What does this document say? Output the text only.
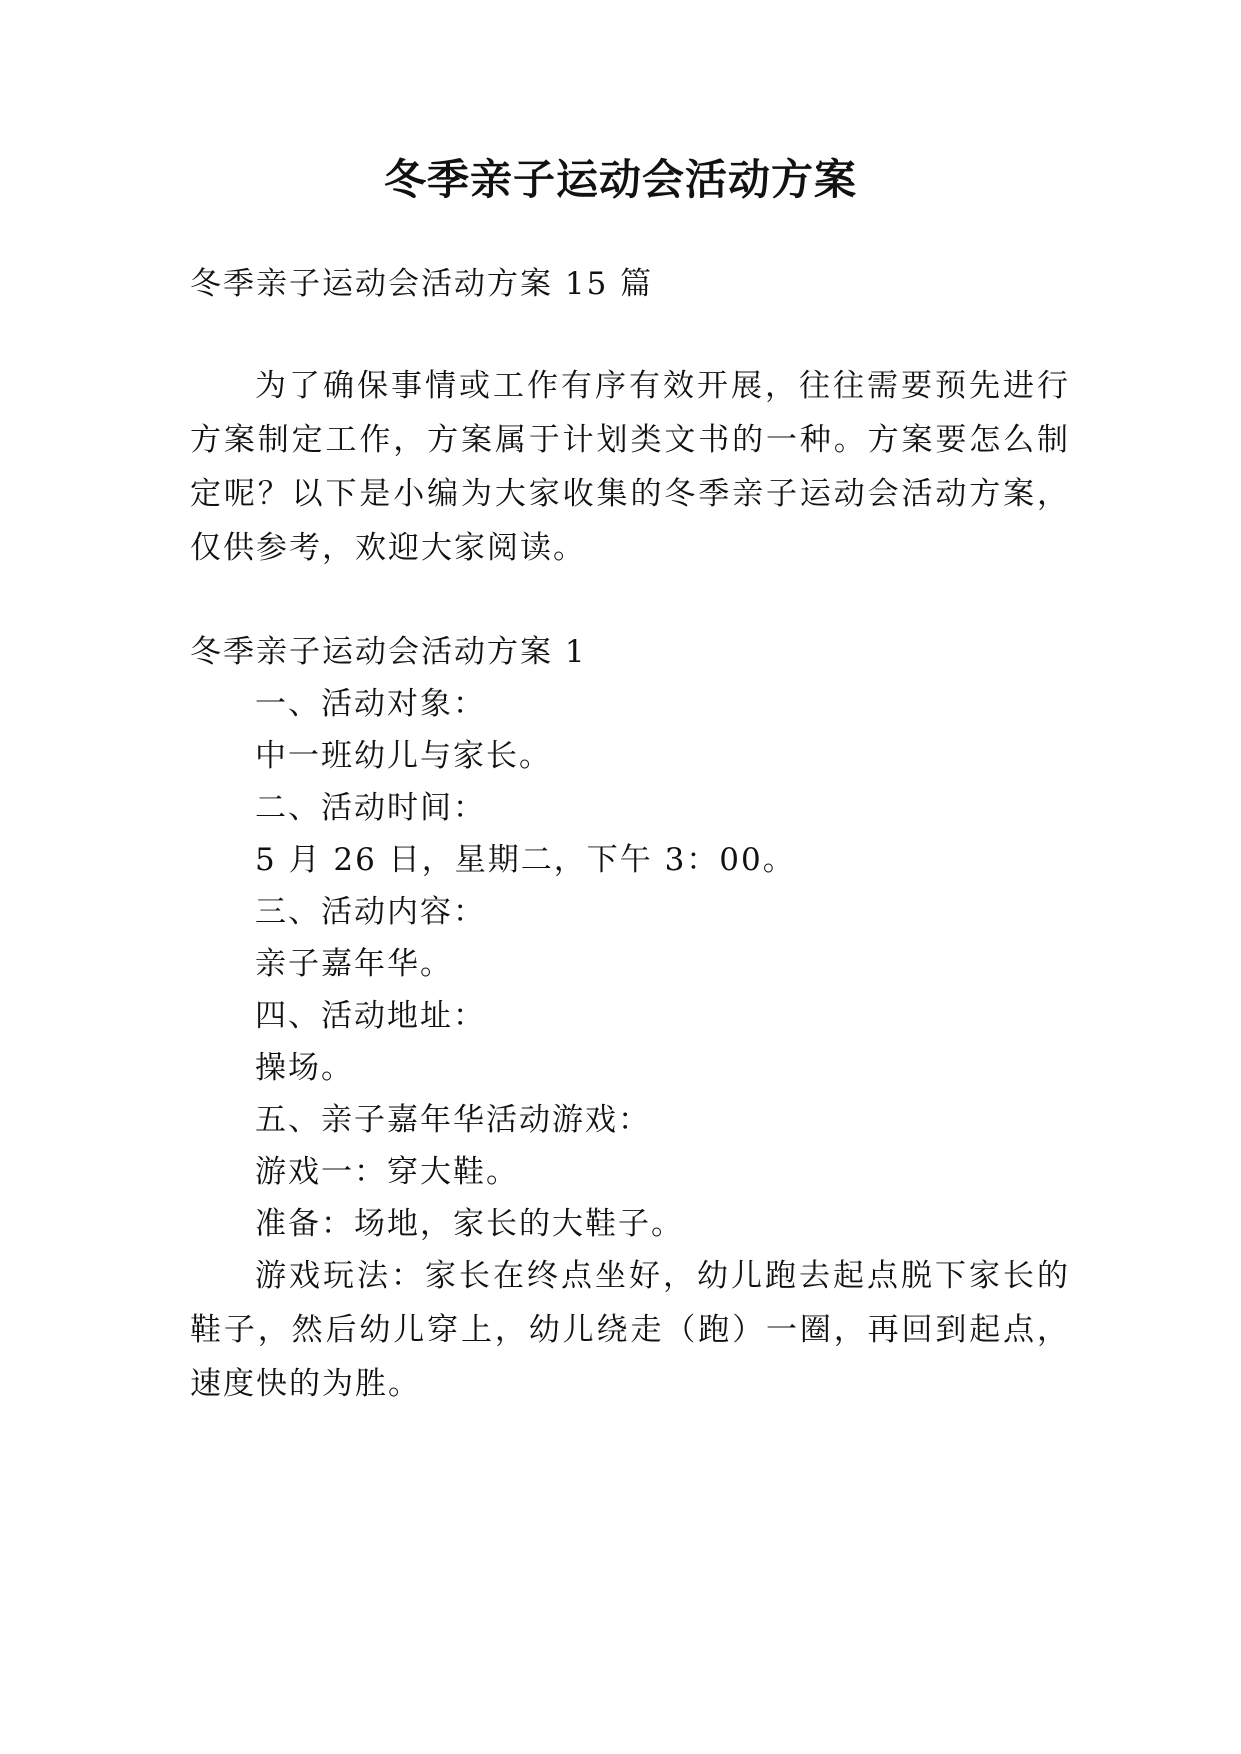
冬季亲子运动会活动方案
冬季亲子运动会活动方案 15 篇
为了确保事情或工作有序有效开展，往往需要预先进行
方案制定工作，方案属于计划类文书的一种。方案要怎么制
定呢？以下是小编为大家收集的冬季亲子运动会活动方案，
仅供参考，欢迎大家阅读。
冬季亲子运动会活动方案 1
一、活动对象：
中一班幼儿与家长。
二、活动时间：
5 月 26 日，星期二，下午 3：00。
三、活动内容：
亲子嘉年华。
四、活动地址：
操场。
五、亲子嘉年华活动游戏：
游戏一：穿大鞋。
准备：场地，家长的大鞋子。
游戏玩法：家长在终点坐好，幼儿跑去起点脱下家长的
鞋子，然后幼儿穿上，幼儿绕走（跑）一圈，再回到起点，
速度快的为胜。
